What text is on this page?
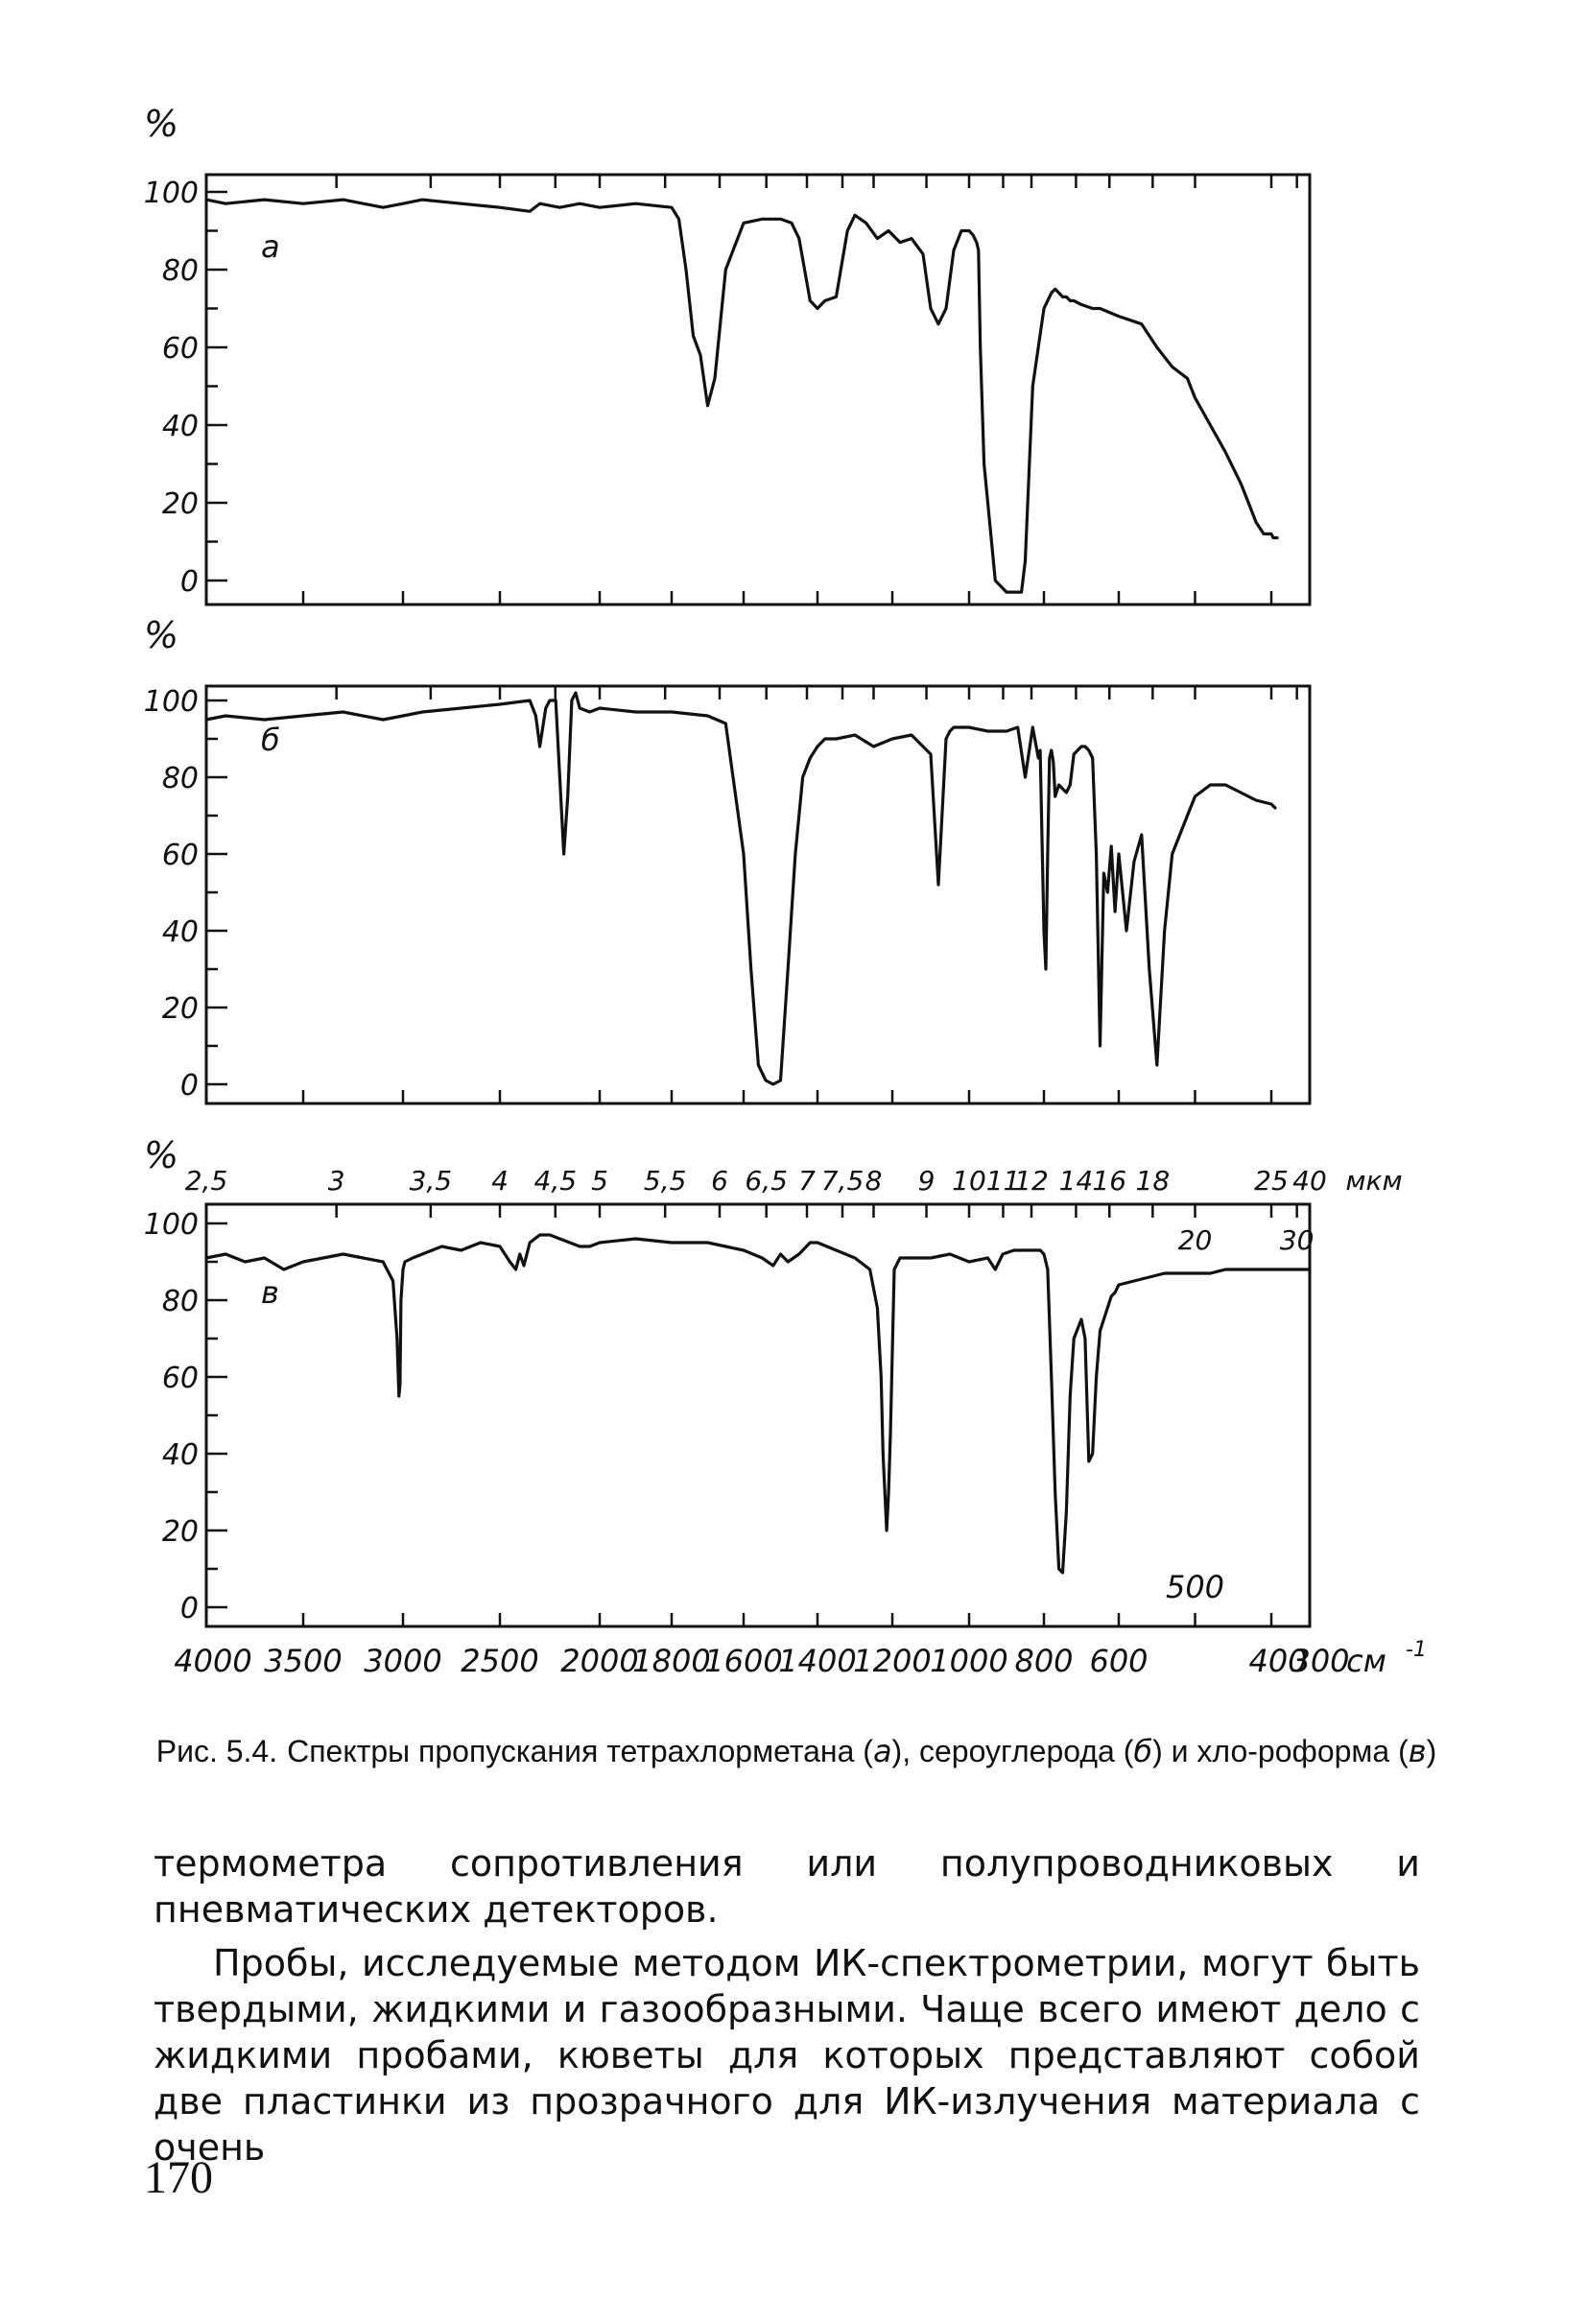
100
80
60
40
20
0
%
а
100
80
60
40
20
0
%
б
100
80
60
40
20
0
%
в
2,5	3 3,5 4 4,5 5 5,5 6 6,5 7 7,5 8 9 10 11
12 14 16 18	25 40 мкм
20	30
4000 3500 3000 2500 2000
1800
1600
1400
1200
1000 800 600	400
300
см -1
500
Рис. 5.4. Спектры пропускания тетрахлорметана (а), сероуглерода (б) и хло-роформа (в)
термометра сопротивления или полупроводниковых и пневматических детекторов.
Пробы, исследуемые методом ИК-спектрометрии, могут быть твердыми, жидкими и газообразными. Чаще всего имеют дело с жидкими пробами, кюветы для которых представляют собой две пластинки из прозрачного для ИК-излучения материала с очень
170
